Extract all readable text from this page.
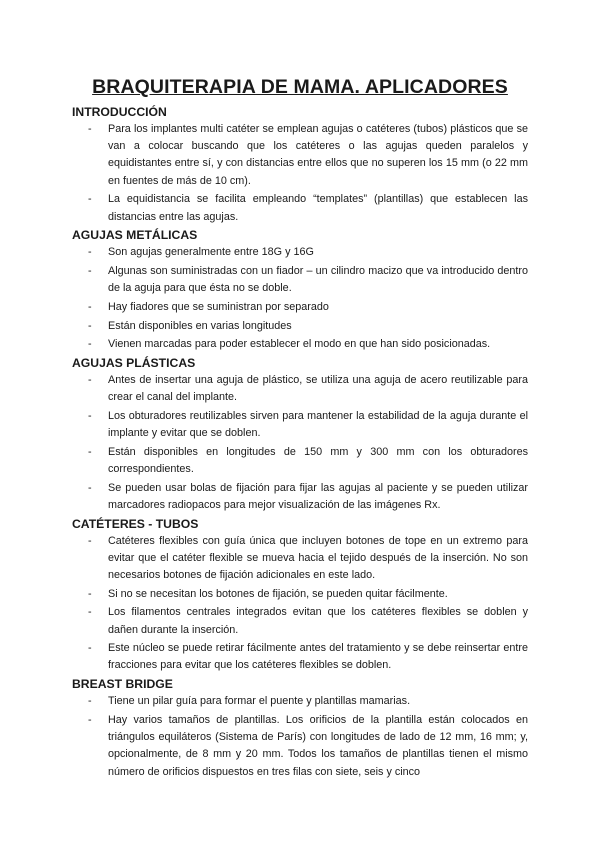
BRAQUITERAPIA DE MAMA. APLICADORES
INTRODUCCIÓN
- Para los implantes multi catéter se emplean agujas o catéteres (tubos) plásticos que se van a colocar buscando que los catéteres o las agujas queden paralelos y equidistantes entre sí, y con distancias entre ellos que no superen los 15 mm (o 22 mm en fuentes de más de 10 cm).
- La equidistancia se facilita empleando “templates” (plantillas) que establecen las distancias entre las agujas.
AGUJAS METÁLICAS
- Son agujas generalmente entre 18G y 16G
- Algunas son suministradas con un fiador – un cilindro macizo que va introducido dentro de la aguja para que ésta no se doble.
- Hay fiadores que se suministran por separado
- Están disponibles en varias longitudes
- Vienen marcadas para poder establecer el modo en que han sido posicionadas.
AGUJAS PLÁSTICAS
- Antes de insertar una aguja de plástico, se utiliza una aguja de acero reutilizable para crear el canal del implante.
- Los obturadores reutilizables sirven para mantener la estabilidad de la aguja durante el implante y evitar que se doblen.
- Están disponibles en longitudes de 150 mm y 300 mm con los obturadores correspondientes.
- Se pueden usar bolas de fijación para fijar las agujas al paciente y se pueden utilizar marcadores radiopacos para mejor visualización de las imágenes Rx.
CATÉTERES - TUBOS
- Catéteres flexibles con guía única que incluyen botones de tope en un extremo para evitar que el catéter flexible se mueva hacia el tejido después de la inserción. No son necesarios botones de fijación adicionales en este lado.
- Si no se necesitan los botones de fijación, se pueden quitar fácilmente.
- Los filamentos centrales integrados evitan que los catéteres flexibles se doblen y dañen durante la inserción.
- Este núcleo se puede retirar fácilmente antes del tratamiento y se debe reinsertar entre fracciones para evitar que los catéteres flexibles se doblen.
BREAST BRIDGE
- Tiene un pilar guía para formar el puente y plantillas mamarias.
- Hay varios tamaños de plantillas. Los orificios de la plantilla están colocados en triángulos equiláteros (Sistema de París) con longitudes de lado de 12 mm, 16 mm; y, opcionalmente, de 8 mm y 20 mm. Todos los tamaños de plantillas tienen el mismo número de orificios dispuestos en tres filas con siete, seis y cinco
